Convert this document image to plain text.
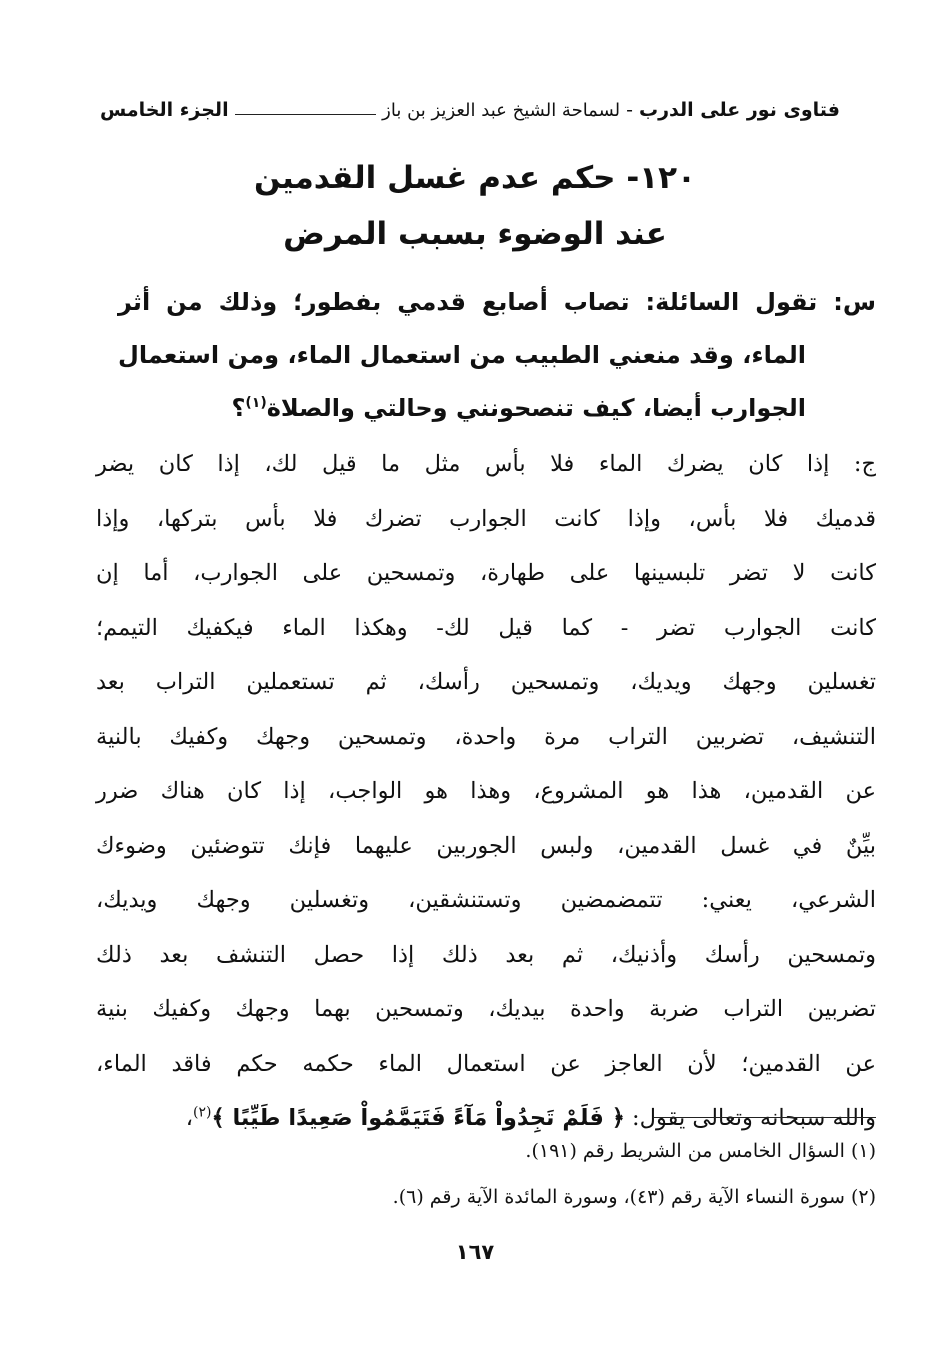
فتاوى نور على الدرب
-
لسماحة الشيخ عبد العزيز بن باز
الجزء الخامس
١٢٠- حكم عدم غسل القدمين
عند الوضوء بسبب المرض
س: تقول السائلة: تصاب أصابع قدمي بفطور؛ وذلك من أثر
الماء، وقد منعني الطبيب من استعمال الماء، ومن استعمال
الجوارب أيضا، كيف تنصحونني وحالتي والصلاة$^{(١)}$؟
ج: إذا كان يضرك الماء فلا بأس مثل ما قيل لك، إذا كان يضر
قدميك فلا بأس، وإذا كانت الجوارب تضرك فلا بأس بتركها، وإذا
كانت لا تضر تلبسينها على طهارة، وتمسحين على الجوارب، أما إن
كانت الجوارب تضر - كما قيل لك- وهكذا الماء فيكفيك التيمم؛
تغسلين وجهك ويديك، وتمسحين رأسك، ثم تستعملين التراب بعد
التنشيف، تضربين التراب مرة واحدة، وتمسحين وجهك وكفيك بالنية
عن القدمين، هذا هو المشروع، وهذا هو الواجب، إذا كان هناك ضرر
بيِّنٌ في غسل القدمين، ولبس الجوربين عليهما فإنك تتوضئين وضوءك
الشرعي، يعني: تتمضمضين وتستنشقين، وتغسلين وجهك ويديك،
وتمسحين رأسك وأذنيك، ثم بعد ذلك إذا حصل التنشف بعد ذلك
تضربين التراب ضربة واحدة بيديك، وتمسحين بهما وجهك وكفيك بنية
عن القدمين؛ لأن العاجز عن استعمال الماء حكمه حكم فاقد الماء،
والله سبحانه وتعالى يقول: ﴿ فَلَمْ تَجِدُواْ مَآءً فَتَيَمَّمُواْ صَعِيدًا طَيِّبًا ﴾$^{(٢)}$،
(١) السؤال الخامس من الشريط رقم (١٩١).
(٢) سورة النساء الآية رقم (٤٣)، وسورة المائدة الآية رقم (٦).
١٦٧
